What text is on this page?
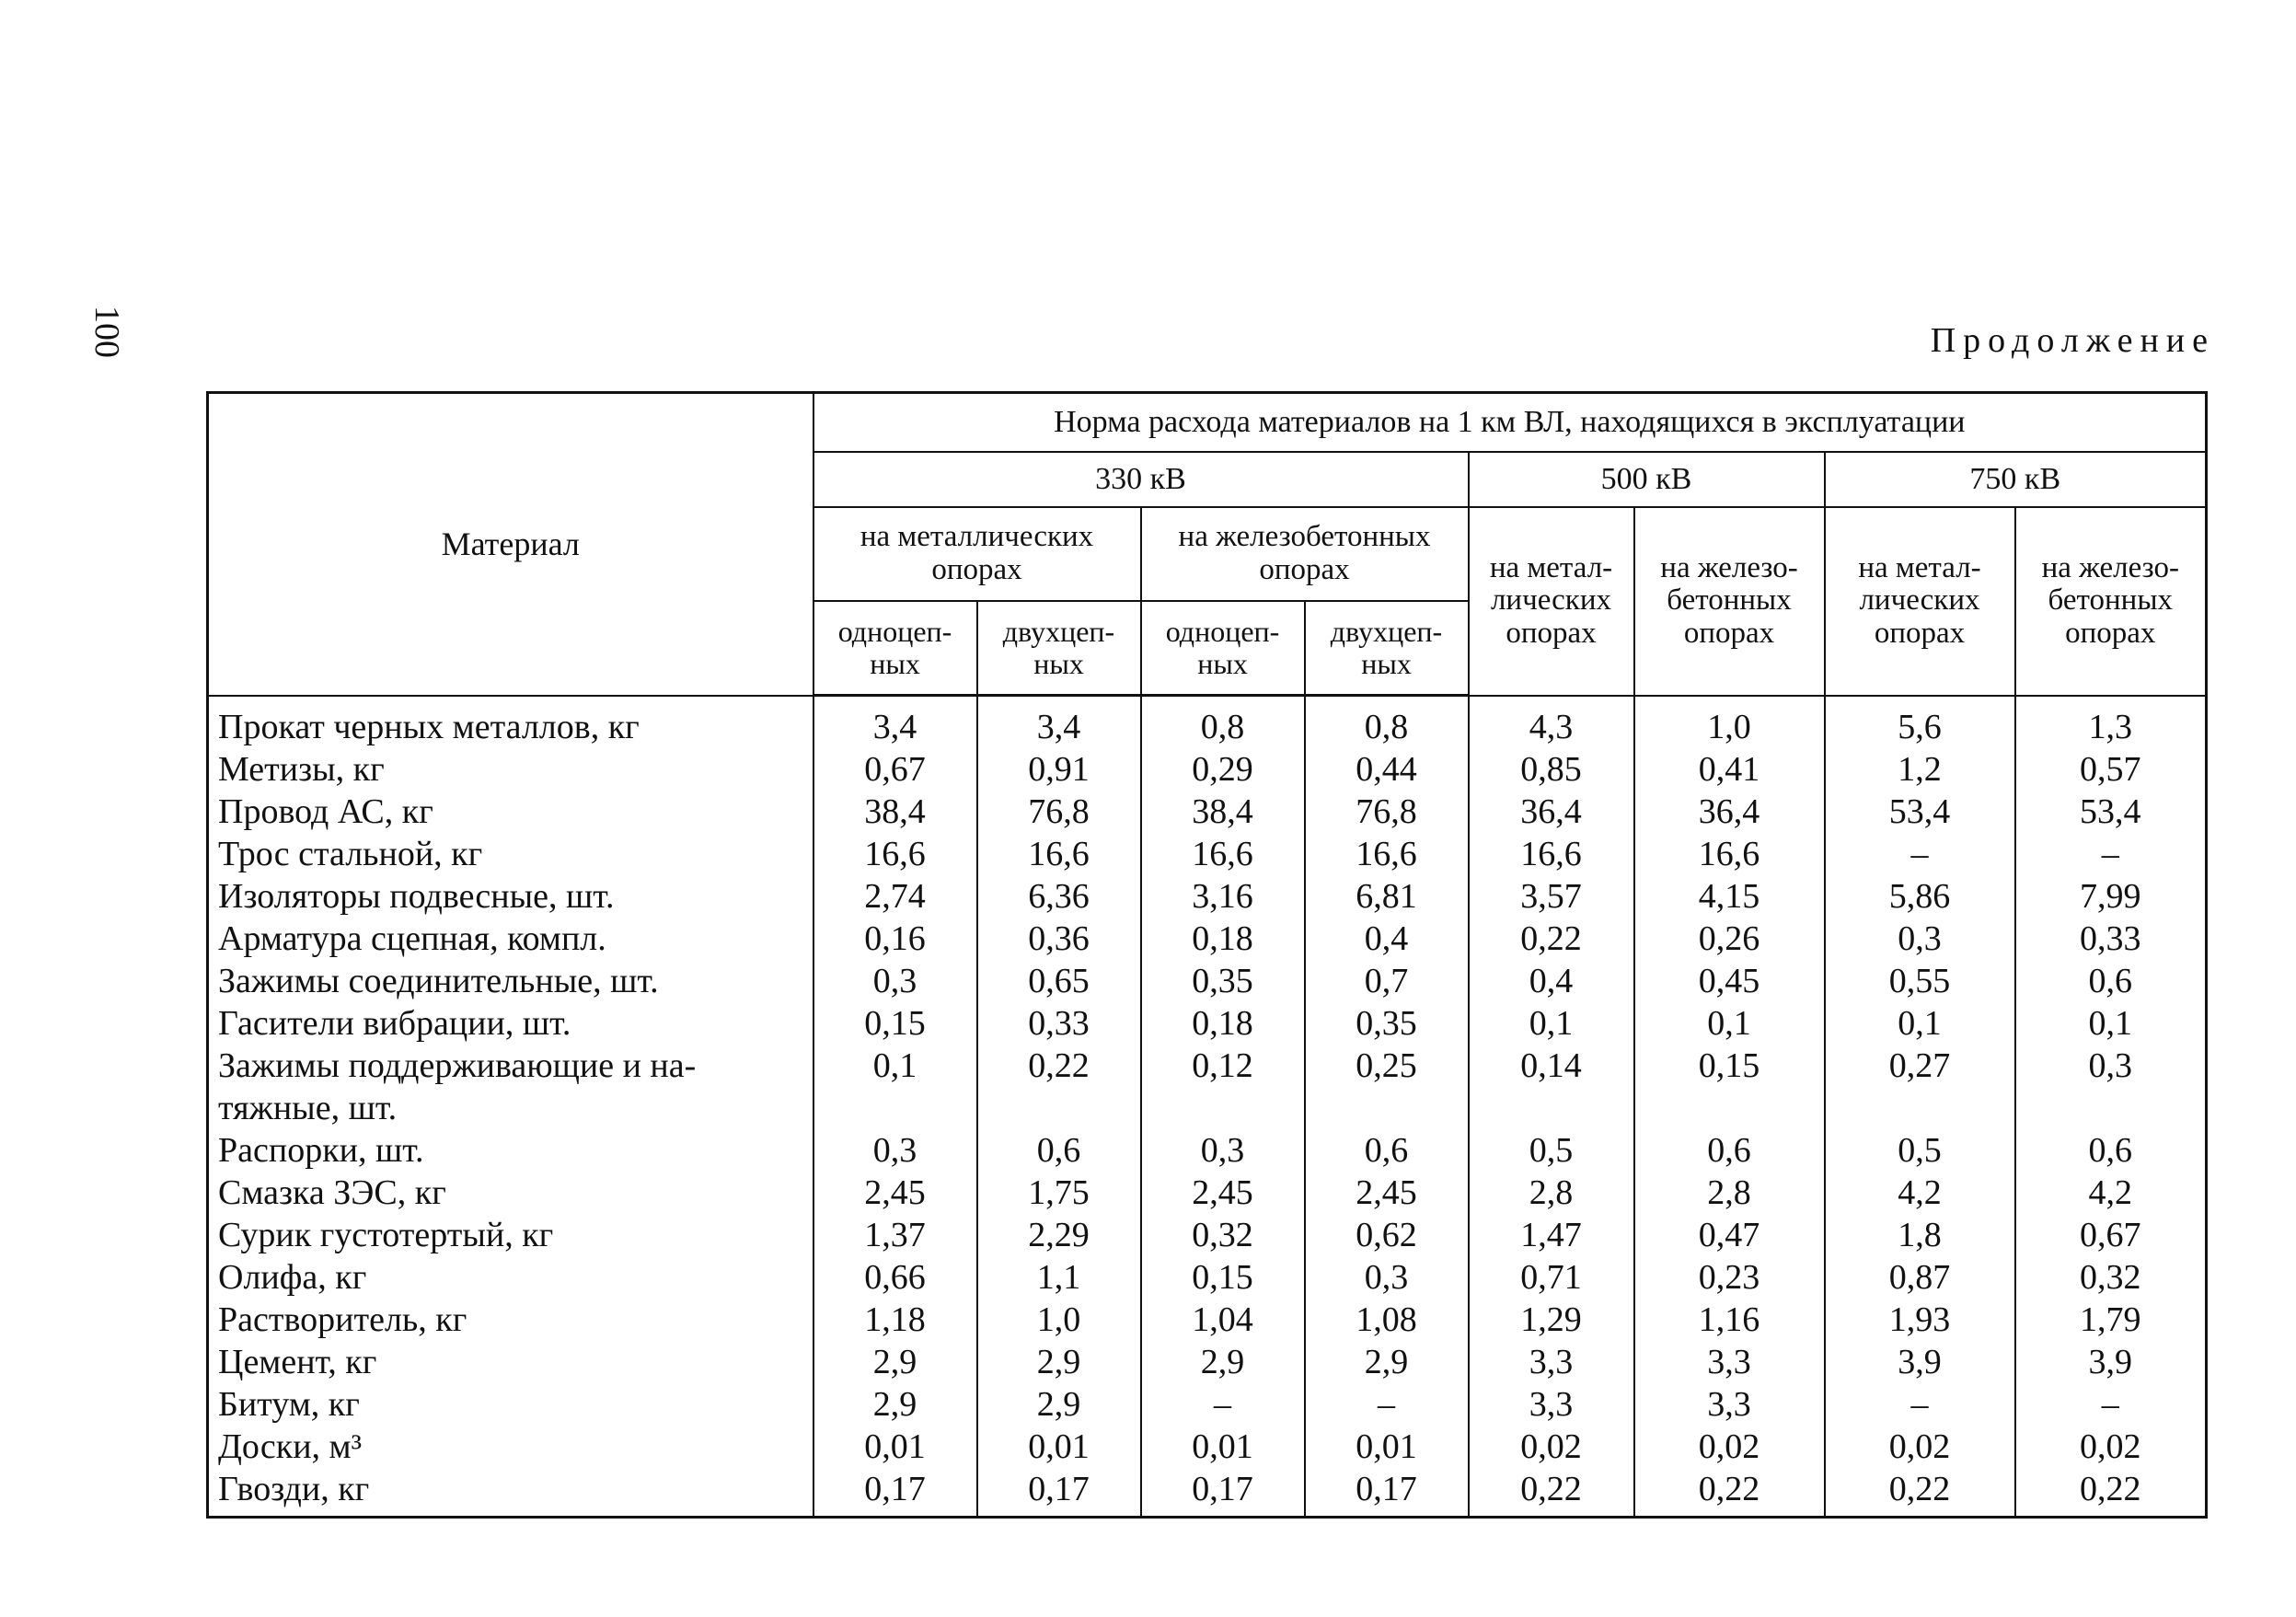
100	Продолжение
Материал	Норма расхода материалов на 1 км ВЛ, находящихся в эксплуатации							
	330 кВ				500 кВ		750 кВ	
	на металлических опорах		на железобетонных опорах		на метал-лических опорах	на железо-бетонных опорах	на метал-лических опорах	на железо-бетонных опорах
	одноцеп-ных	двухцеп-ных	одноцеп-ных	двухцеп-ных				
Прокат черных металлов, кг	3,4	3,4	0,8	0,8	4,3	1,0	5,6	1,3
Метизы, кг	0,67	0,91	0,29	0,44	0,85	0,41	1,2	0,57
Провод АС, кг	38,4	76,8	38,4	76,8	36,4	36,4	53,4	53,4
Трос стальной, кг	16,6	16,6	16,6	16,6	16,6	16,6	–	–
Изоляторы подвесные, шт.	2,74	6,36	3,16	6,81	3,57	4,15	5,86	7,99
Арматура сцепная, компл.	0,16	0,36	0,18	0,4	0,22	0,26	0,3	0,33
Зажимы соединительные, шт.	0,3	0,65	0,35	0,7	0,4	0,45	0,55	0,6
Гасители вибрации, шт.	0,15	0,33	0,18	0,35	0,1	0,1	0,1	0,1
Зажимы поддерживающие и на-тяжные, шт.	0,1	0,22	0,12	0,25	0,14	0,15	0,27	0,3
Распорки, шт.	0,3	0,6	0,3	0,6	0,5	0,6	0,5	0,6
Смазка ЗЭС, кг	2,45	1,75	2,45	2,45	2,8	2,8	4,2	4,2
Сурик густотертый, кг	1,37	2,29	0,32	0,62	1,47	0,47	1,8	0,67
Олифа, кг	0,66	1,1	0,15	0,3	0,71	0,23	0,87	0,32
Растворитель, кг	1,18	1,0	1,04	1,08	1,29	1,16	1,93	1,79
Цемент, кг	2,9	2,9	2,9	2,9	3,3	3,3	3,9	3,9
Битум, кг	2,9	2,9	–	–	3,3	3,3	–	–
Доски, м³	0,01	0,01	0,01	0,01	0,02	0,02	0,02	0,02
Гвозди, кг	0,17	0,17	0,17	0,17	0,22	0,22	0,22	0,22
